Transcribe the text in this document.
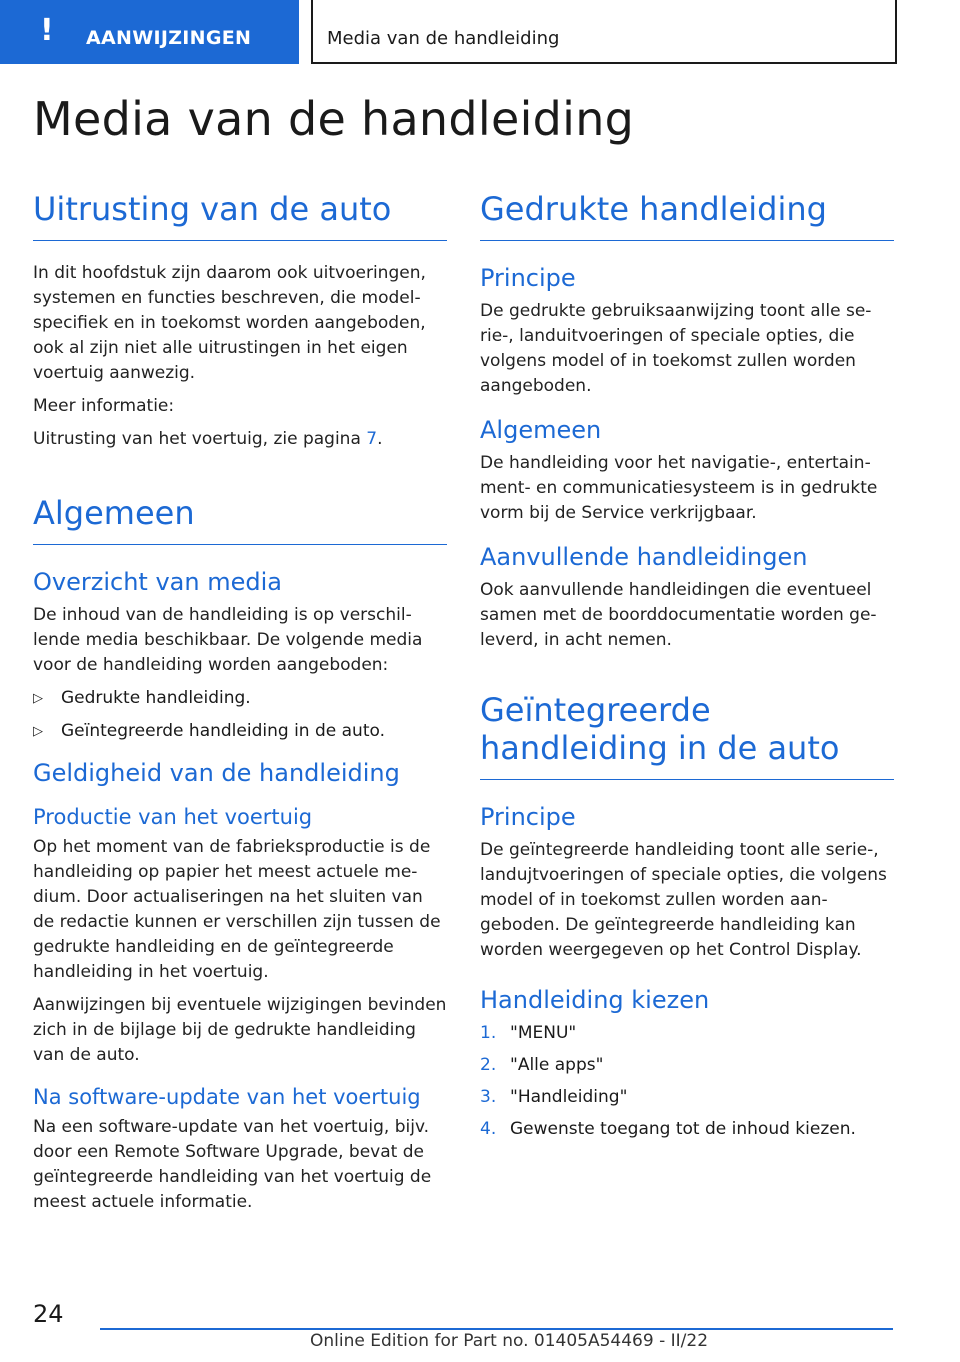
! AANWIJZINGEN	Media van de handleiding
Media van de handleiding
Uitrusting van de auto

In dit hoofdstuk zijn daarom ook uitvoeringen, systemen en functies beschreven, die modelspecifiek en in toekomst worden aangeboden, ook al zijn niet alle uitrustingen in het eigen voertuig aanwezig.

Meer informatie:

Uitrusting van het voertuig, zie pagina 7.

Algemeen
Overzicht van media

De inhoud van de handleiding is op verschillende media beschikbaar. De volgende media voor de handleiding worden aangeboden:

▷ Gedrukte handleiding.
▷ Geïntegreerde handleiding in de auto.
Geldigheid van de handleiding
Productie van het voertuig

Op het moment van de fabrieksproductie is de handleiding op papier het meest actuele medium. Door actualiseringen na het sluiten van de redactie kunnen er verschillen zijn tussen de gedrukte handleiding en de geïntegreerde handleiding in het voertuig.

Aanwijzingen bij eventuele wijzigingen bevinden zich in de bijlage bij de gedrukte handleiding van de auto.

Na software-update van het voertuig

Na een software-update van het voertuig, bijv. door een Remote Software Upgrade, bevat de geïntegreerde handleiding van het voertuig de meest actuele informatie.

Gedrukte handleiding
Principe

De gedrukte gebruiksaanwijzing toont alle serie-, landuitvoeringen of speciale opties, die volgens model of in toekomst zullen worden aangeboden.

Algemeen

De handleiding voor het navigatie-, entertainment- en communicatiesysteem is in gedrukte vorm bij de Service verkrijgbaar.

Aanvullende handleidingen

Ook aanvullende handleidingen die eventueel samen met de boorddocumentatie worden geleverd, in acht nemen.

Geïntegreerde handleiding in de auto
Principe

De geïntegreerde handleiding toont alle serie-, landujtvoeringen of speciale opties, die volgens model of in toekomst zullen worden aangeboden. De geïntegreerde handleiding kan worden weergegeven op het Control Display.

Handleiding kiezen
1. "MENU"
2. "Alle apps"
3. "Handleiding"
4. Gewenste toegang tot de inhoud kiezen.
24
Online Edition for Part no. 01405A54469 - II/22
